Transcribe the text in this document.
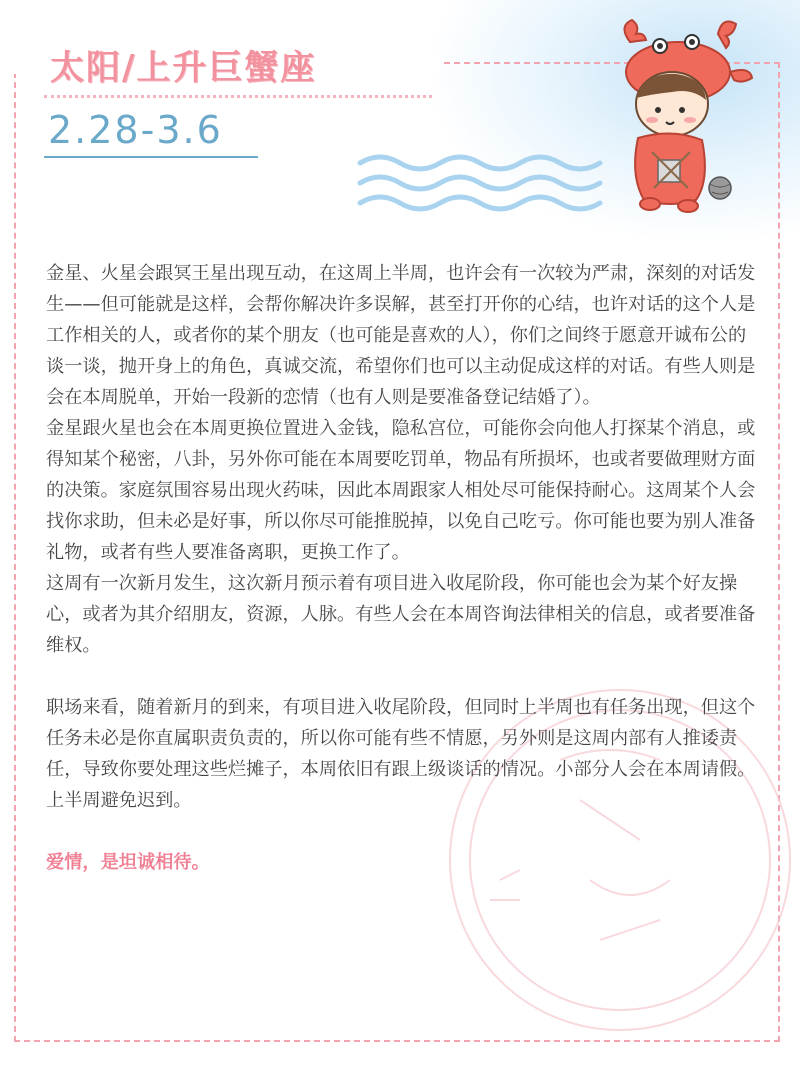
太阳/上升巨蟹座
2.28-3.6

金星、火星会跟冥王星出现互动，在这周上半周，也许会有一次较为严肃，深刻的对话发生——但可能就是这样，会帮你解决许多误解，甚至打开你的心结，也许对话的这个人是工作相关的人，或者你的某个朋友（也可能是喜欢的人），你们之间终于愿意开诚布公的谈一谈，抛开身上的角色，真诚交流，希望你们也可以主动促成这样的对话。有些人则是会在本周脱单，开始一段新的恋情（也有人则是要准备登记结婚了）。

金星跟火星也会在本周更换位置进入金钱，隐私宫位，可能你会向他人打探某个消息，或得知某个秘密，八卦，另外你可能在本周要吃罚单，物品有所损坏，也或者要做理财方面的决策。家庭氛围容易出现火药味，因此本周跟家人相处尽可能保持耐心。这周某个人会找你求助，但未必是好事，所以你尽可能推脱掉，以免自己吃亏。你可能也要为别人准备礼物，或者有些人要准备离职，更换工作了。

这周有一次新月发生，这次新月预示着有项目进入收尾阶段，你可能也会为某个好友操心，或者为其介绍朋友，资源，人脉。有些人会在本周咨询法律相关的信息，或者要准备维权。

职场来看，随着新月的到来，有项目进入收尾阶段，但同时上半周也有任务出现，但这个任务未必是你直属职责负责的，所以你可能有些不情愿，另外则是这周内部有人推诿责任，导致你要处理这些烂摊子，本周依旧有跟上级谈话的情况。小部分人会在本周请假。上半周避免迟到。

爱情，是坦诚相待。
